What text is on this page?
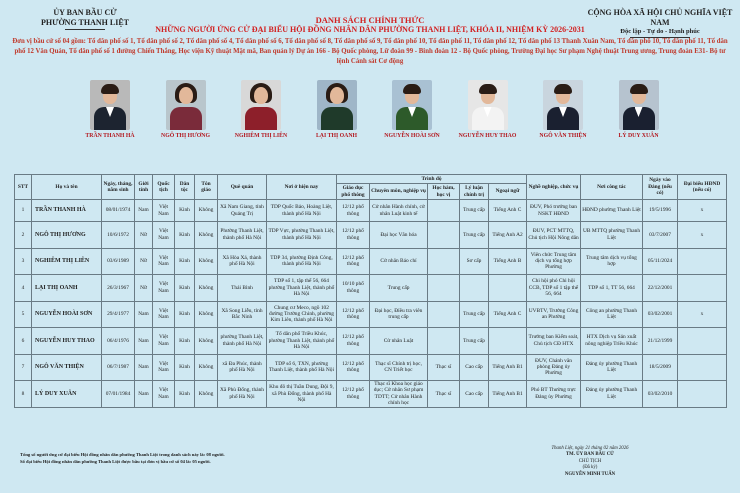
ỦY BAN BẦU CỬ
PHƯỜNG THANH LIỆT
CỘNG HÒA XÃ HỘI CHỦ NGHĨA VIỆT NAM
Độc lập - Tự do - Hạnh phúc
DANH SÁCH CHÍNH THỨC
NHỮNG NGƯỜI ỨNG CỬ ĐẠI BIỂU HỘI ĐỒNG NHÂN DÂN PHƯỜNG THANH LIỆT, KHÓA II, NHIỆM KỲ 2026-2031
Đơn vị bầu cử số 04 gồm: Tổ dân phố số 1, Tổ dân phố số 2, Tổ dân phố số 4, Tổ dân phố số 6, Tổ dân phố số 8, Tổ dân phố số 9, Tổ dân phố 10, Tổ dân phố 11, Tổ dân phố 12, Tổ dân phố 13 Thanh Xuân Nam, Tổ dân phố 10, Tổ dân phố 11, Tổ dân phố 12 Văn Quán, Tổ dân phố số 1 đường Chiến Thắng, Học viện Kỹ thuật Mật mã, Ban quản lý Dự án 166 - Bộ Quốc phòng, Lữ đoàn 99 - Binh đoàn 12 - Bộ Quốc phòng, Trường Đại học Sư phạm Nghệ thuật Trung ương, Trung đoàn E31- Bộ tư lệnh Cảnh sát Cơ động
TRẦN THANH HÀ	NGÔ THỊ HƯƠNG	NGHIÊM THỊ LIÊN	LẠI THỊ OANH	NGUYỄN HOÀI SƠN	NGUYỄN HUY THAO	NGÔ VĂN THIỆN	LÝ DUY XUÂN
STT	Họ và tên	Ngày, tháng, năm sinh	Giới tính	Quốc tịch	Dân tộc	Tôn giáo	Quê quán	Nơi ở hiện nay	Trình độ					Nghề nghiệp, chức vụ	Nơi công tác	Ngày vào Đảng (nếu có)	Đại biểu HĐND (nếu có)
									Giáo dục phổ thông	Chuyên môn, nghiệp vụ	Học hàm, học vị	Lý luận chính trị	Ngoại ngữ				
1	TRẦN THANH HÀ	08/01/1974	Nam	Việt Nam	Kinh	Không	Xã Nam Giang, tỉnh Quảng Trị	TDP Quốc Bảo, Hoàng Liệt, thành phố Hà Nội	12/12 phổ thông	Cử nhân Hành chính, cử nhân Luật kinh tế		Trung cấp	Tiếng Anh C	ĐUV, Phó trưởng ban NSKT HĐND	HĐND phường Thanh Liệt	19/5/1996	x
2	NGÔ THỊ HƯƠNG	10/6/1972	Nữ	Việt Nam	Kinh	Không	Phường Thanh Liệt, thành phố Hà Nội	TDP Vực, phường Thanh Liệt, thành phố Hà Nội	12/12 phổ thông	Đại học Văn hóa		Trung cấp	Tiếng Anh A2	ĐUV, PCT MTTQ, Chủ tịch Hội Nông dân	UB MTTQ phường Thanh Liệt	03/7/2007	x
3	NGHIÊM THỊ LIÊN	03/6/1989	Nữ	Việt Nam	Kinh	Không	Xã Hòa Xá, thành phố Hà Nội	TDP 34, phường Định Công, thành phố Hà Nội	12/12 phổ thông	Cử nhân Báo chí		Sơ cấp	Tiếng Anh B	Viên chức Trung tâm dịch vụ tổng hợp Phường	Trung tâm dịch vụ tổng hợp	05/11/2024	
4	LẠI THỊ OANH	26/3/1967	Nữ	Việt Nam	Kinh	Không	Thái Bình	TDP số 1, tập thể 56, 664 phường Thanh Liệt, thành phố Hà Nội	10/10 phổ thông	Trung cấp				Chi hội phó Chi hội CCB, TDP số 1 tập thể 56, 664	TDP số 1, TT 56, 664	22/12/2001	
5	NGUYỄN HOÀI SƠN	29/4/1977	Nam	Việt Nam	Kinh	Không	Xã Song Liễu, tỉnh Bắc Ninh	Chung cư Meco, ngõ 102 đường Trường Chinh, phường Kim Liên, thành phố Hà Nội	12/12 phổ thông	Đại học, Điều tra viên trung cấp		Trung cấp	Tiếng Anh C	UVBTV, Trưởng Công an Phường	Công an phường Thanh Liệt	03/02/2001	x
6	NGUYỄN HUY THAO	06/4/1976	Nam	Việt Nam	Kinh	Không	phường Thanh Liệt, thành phố Hà Nội	Tổ dân phố Triều Khúc, phường Thanh Liệt, thành phố Hà Nội	12/12 phổ thông	Cử nhân Luật		Trung cấp		Trưởng ban Kiểm soát, Chủ tịch CĐ HTX	HTX Dịch vụ Sản xuất nông nghiệp Triều Khúc	21/12/1999	
7	NGÔ VĂN THIỆN	06/7/1987	Nam	Việt Nam	Kinh	Không	xã Đa Phúc, thành phố Hà Nội	TDP số 6, TXN, phường Thanh Liệt, thành phố Hà Nội	12/12 phổ thông	Thạc sĩ Chính trị học, CN Triết học	Thạc sĩ	Cao cấp	Tiếng Anh B1	ĐUV, Chánh văn phòng Đảng ủy Phường	Đảng ủy phường Thanh Liệt	18/5/2009	
8	LÝ DUY XUÂN	07/01/1984	Nam	Việt Nam	Kinh	Không	Xã Phù Đổng, thành phố Hà Nội	Khu đô thị Tuần Dung, Đội 9, xã Phù Đổng, thành phố Hà Nội	12/12 phổ thông	Thạc sĩ Khoa học giáo dục; Cử nhân Sư phạm TDTT; Cử nhân Hành chính học	Thạc sĩ	Cao cấp	Tiếng Anh B1	Phó BT Thường trực Đảng ủy Phường	Đảng ủy phường Thanh Liệt	03/02/2010	
Tổng số người ứng cử đại biểu Hội đồng nhân dân phường Thanh Liệt trong danh sách này là: 08 người.
Số đại biểu Hội đồng nhân dân phường Thanh Liệt được bầu tại đơn vị bầu cử số 04 là: 05 người.
Thanh Liệt, ngày 21 tháng 02 năm 2026
TM. ỦY BAN BẦU CỬ
CHỦ TỊCH
(Đã ký)
NGUYỄN MINH TUẤN
